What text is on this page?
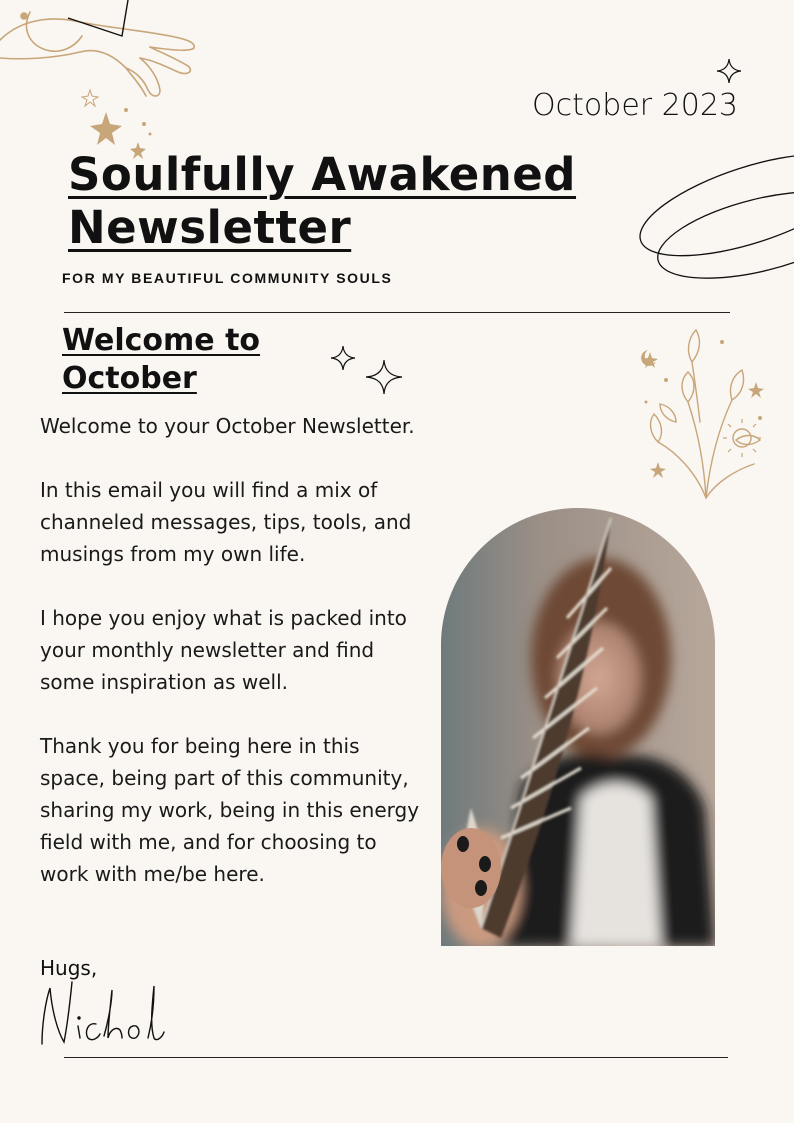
October 2023
Soulfully Awakened
Newsletter
FOR MY BEAUTIFUL COMMUNITY SOULS
Welcome to
October

Welcome to your October Newsletter.

In this email you will find a mix of channeled messages, tips, tools, and musings from my own life.

I hope you enjoy what is packed into your monthly newsletter and find some inspiration as well.

Thank you for being here in this space, being part of this community, sharing my work, being in this energy field with me, and for choosing to work with me/be here.

Hugs,
